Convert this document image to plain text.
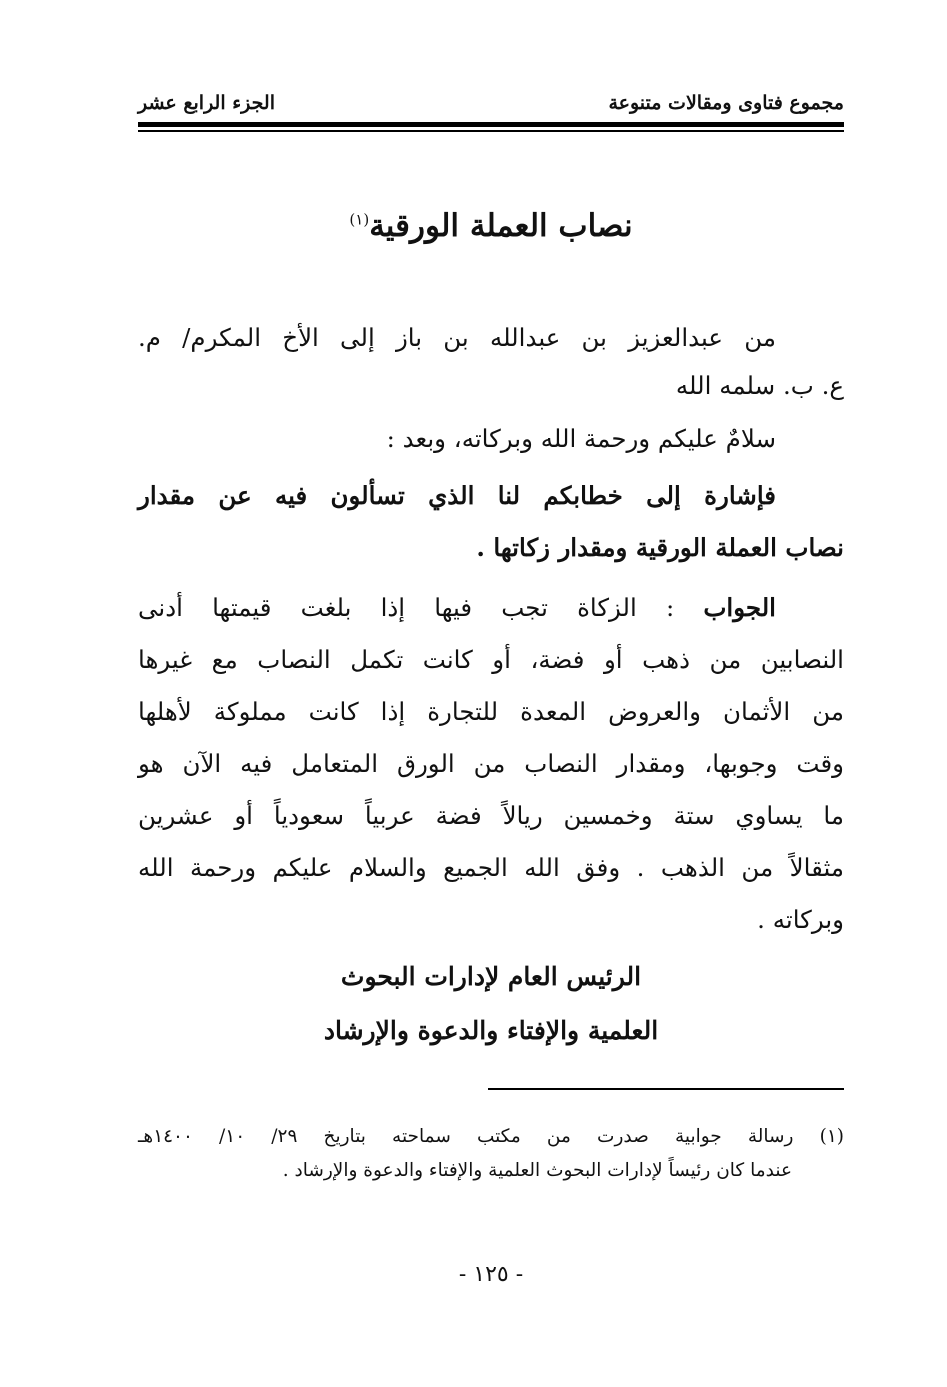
مجموع فتاوى ومقالات متنوعة
الجزء الرابع عشر
نصاب العملة الورقية$^{(١)}$
من عبدالعزيز بن عبدالله بن باز إلى الأخ المكرم/ م.
ع. ب. سلمه الله
سلامٌ عليكم ورحمة الله وبركاته، وبعد :
فإشارة إلى خطابكم لنا الذي تسألون فيه عن مقدار
نصاب العملة الورقية ومقدار زكاتها .
الجواب : الزكاة تجب فيها إذا بلغت قيمتها أدنى
النصابين من ذهب أو فضة، أو كانت تكمل النصاب مع غيرها
من الأثمان والعروض المعدة للتجارة إذا كانت مملوكة لأهلها
وقت وجوبها، ومقدار النصاب من الورق المتعامل فيه الآن هو
ما يساوي ستة وخمسين ريالاً فضة عربياً سعودياً أو عشرين
مثقالاً من الذهب . وفق الله الجميع والسلام عليكم ورحمة الله
وبركاته .
الرئيس العام لإدارات البحوث
العلمية والإفتاء والدعوة والإرشاد
(١) رسالة جوابية صدرت من مكتب سماحته بتاريخ ٢٩/ ١٠/ ١٤٠٠هـ
عندما كان رئيساً لإدارات البحوث العلمية والإفتاء والدعوة والإرشاد .
- ١٢٥ -
